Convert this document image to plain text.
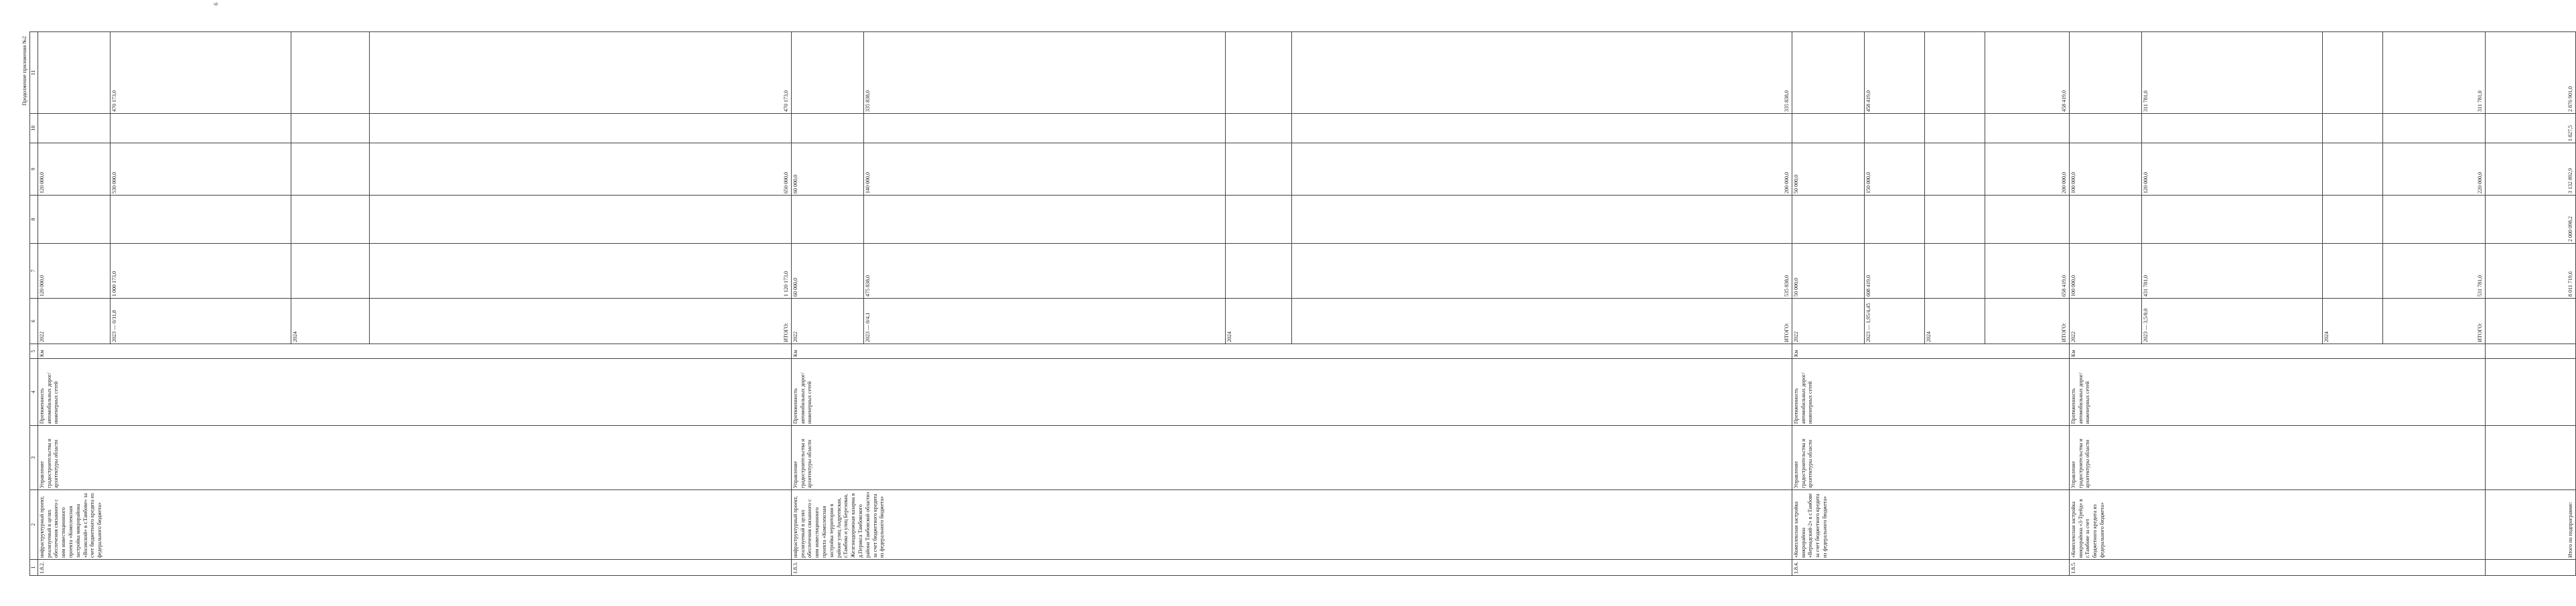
6
Продолжение приложения №2
1	2	3	4	5	6	7	8	9	10	11
1.8.2.	инфраструктурный проект, реализуемый в целях обеспечения связанного с ним инвестиционного проекта «Комплексная застройка микрорайона «Волжский» в г.Тамбове» за счет бюджетного кредита из федерального бюджета»	Управление градостроительства и архитектуры области	Протяженность автомобильных дорог/инженерных сетей	Км	2022	120 000,0		120 000,0		
					2023 — 0/11,8	1 000 173,0		530 000,0		470 173,0
					2024					
					ИТОГО:	1 120 173,0		650 000,0		470 173,0
1.8.3.	инфраструктурный проект, реализуемый в целях обеспечения связанного с ним инвестиционного проекта «Комплексная застройка территории в районе улиц Андреевская, г.Тамбова и улиц Березовая, Железнодорожная казарма в д.Перикса Тамбовского района Тамбовской области» за счет бюджетного кредита из федерального бюджета»	Управление градостроительства и архитектуры области	Протяженность автомобильных дорог/инженерных сетей	Км	2022	60 000,0		60 000,0		
					2023 — 0/4,1	475 838,0		140 000,0		335 838,0
					2024					
					ИТОГО:	535 838,0		200 000,0		335 838,0
1.8.4.	«Комплексная застройка микрорайона «Вернадский-2» в г.Тамбове за счет бюджетного кредита из федерального бюджета»	Управление градостроительства и архитектуры области	Протяженность автомобильных дорог/инженерных сетей	Км	2022	50 000,0		50 000,0		
					2023 — 1,95/4,45	608 419,0		150 000,0		458 419,0
					2024					
					ИТОГО:	658 419,0		200 000,0		458 419,0
1.8.5.	«Комплексная застройка микрорайона «З-Трейд» в г.Тамбове за счет бюджетного кредита из федерального бюджета»	Управление градостроительства и архитектуры области	Протяженность автомобильных дорог/инженерных сетей	Км	2022	100 000,0		100 000,0		
					2023 — 3,5/8,0	431 781,0		120 000,0		311 781,0
					2024					
					ИТОГО:	531 781,0		220 000,0		311 781,0
	Итого по подпрограмме:					8 011 719,6	2 000 098,2	3 132 892,9	1 827,5	2 876 901,0
